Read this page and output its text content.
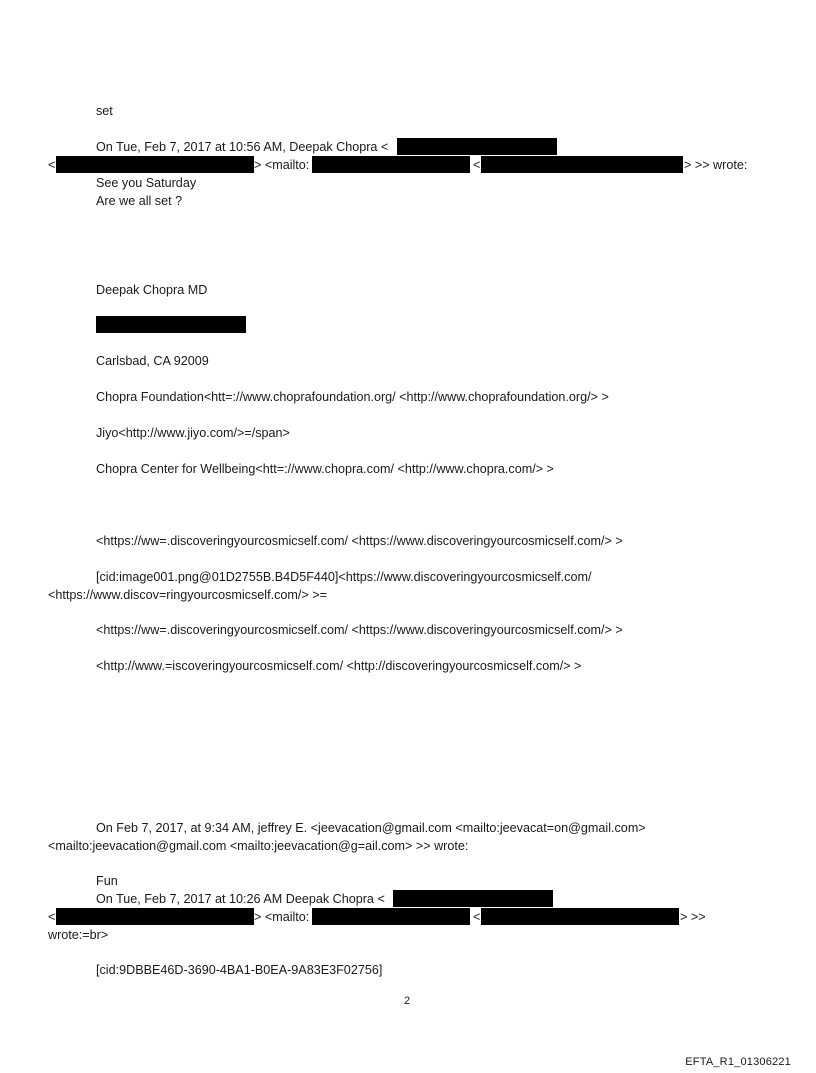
set
On Tue, Feb 7, 2017 at 10:56 AM, Deepak Chopra <
<	> <mailto:	<	> >> wrote:
See you Saturday
Are we all set ?
Deepak Chopra MD
Carlsbad, CA 92009
Chopra Foundation<htt=://www.choprafoundation.org/ <http://www.choprafoundation.org/> >
Jiyo<http://www.jiyo.com/>=/span>
Chopra Center for Wellbeing<htt=://www.chopra.com/ <http://www.chopra.com/> >
<https://ww=.discoveringyourcosmicself.com/ <https://www.discoveringyourcosmicself.com/> >
[cid:image001.png@01D2755B.B4D5F440]<https://www.discoveringyourcosmicself.com/
<https://www.discov=ringyourcosmicself.com/> >=
<https://ww=.discoveringyourcosmicself.com/ <https://www.discoveringyourcosmicself.com/> >
<http://www.=iscoveringyourcosmicself.com/ <http://discoveringyourcosmicself.com/> >
On Feb 7, 2017, at 9:34 AM, jeffrey E. <jeevacation@gmail.com <mailto:jeevacat=on@gmail.com>
<mailto:jeevacation@gmail.com <mailto:jeevacation@g=ail.com> >> wrote:
Fun
On Tue, Feb 7, 2017 at 10:26 AM Deepak Chopra <
<	> <mailto:	<	> >>
wrote:=br>
[cid:9DBBE46D-3690-4BA1-B0EA-9A83E3F02756]
2
EFTA_R1_01306221
